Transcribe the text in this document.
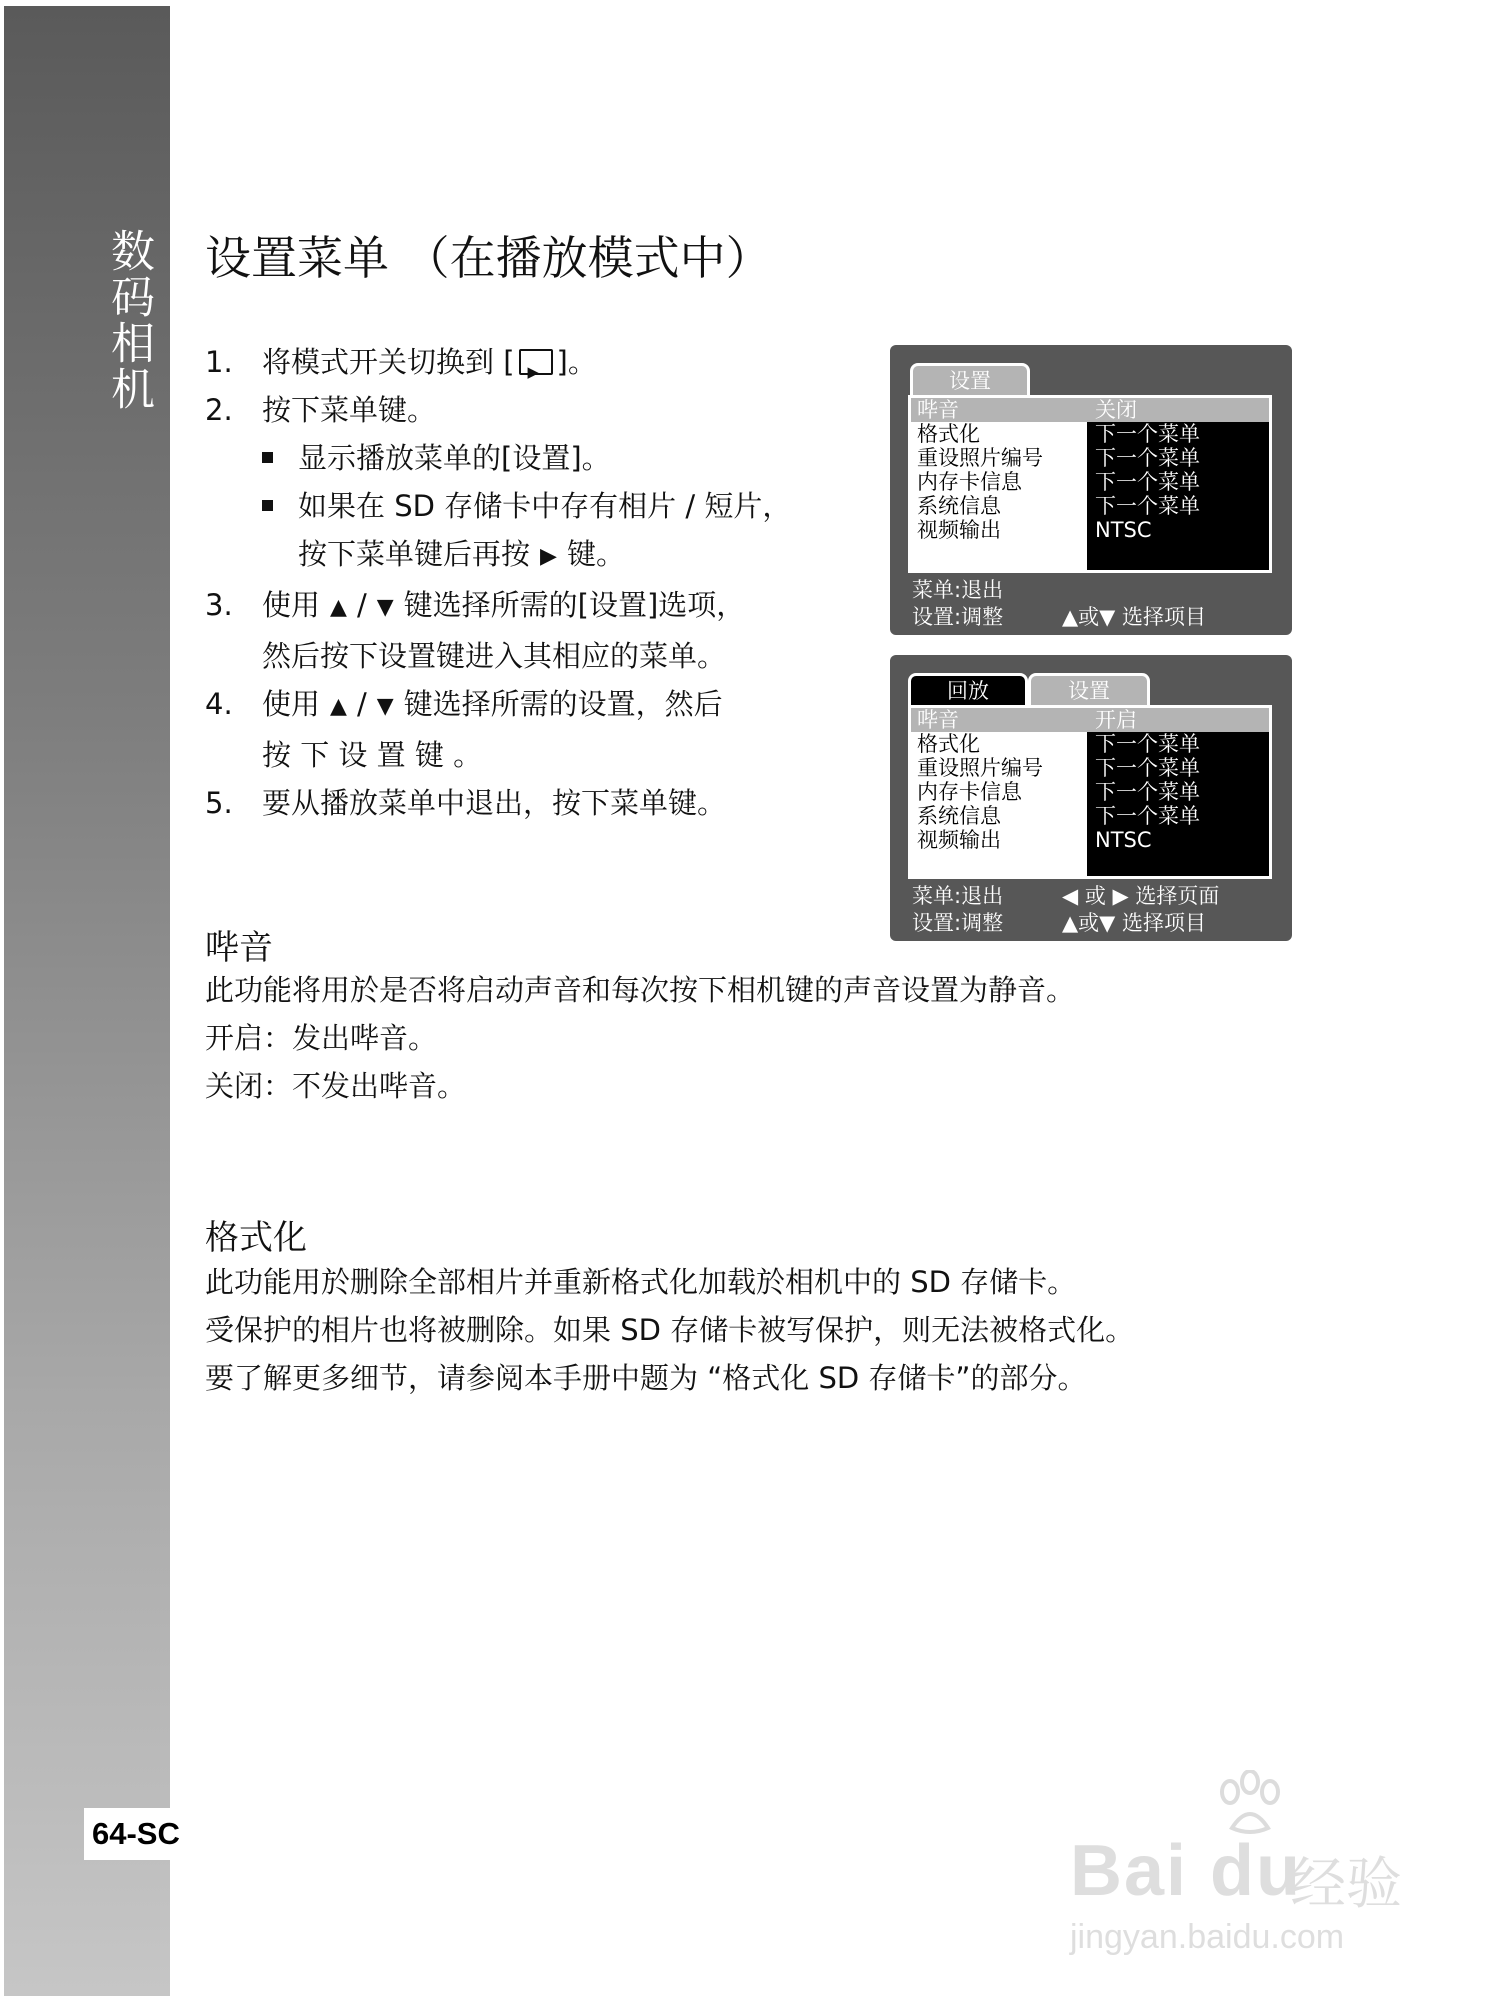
数码相机
64-SC
设置菜单 （在播放模式中）
1. 将模式开关切换到 [▶ ]。
2. 按下菜单键。
显示播放菜单的[设置]。
如果在 SD 存储卡中存有相片 / 短片，
按下菜单键后再按 ▶ 键。
3. 使用 ▲ / ▼ 键选择所需的[设置]选项，
然后按下设置键进入其相应的菜单。
4. 使用 ▲ / ▼ 键选择所需的设置，然后
按 下 设 置 键 。
5. 要从播放菜单中退出，按下菜单键。
设置
哔音	关闭
格式化	下一个菜单
重设照片编号 下一个菜单
内存卡信息	下一个菜单
系统信息	下一个菜单
视频输出	NTSC
菜单:退出
设置:调整	▲或▼ 选择项目
回放	设置
哔音	开启
格式化	下一个菜单
重设照片编号 下一个菜单
内存卡信息	下一个菜单
系统信息	下一个菜单
视频输出	NTSC
菜单:退出	◀ 或 ▶ 选择页面
设置:调整	▲或▼ 选择项目
哔音
此功能将用於是否将启动声音和每次按下相机键的声音设置为静音。
开启：发出哔音。
关闭：不发出哔音。
格式化
此功能用於删除全部相片并重新格式化加载於相机中的 SD 存储卡。
受保护的相片也将被删除。如果 SD 存储卡被写保护，则无法被格式化。
要了解更多细节，请参阅本手册中题为 “格式化 SD 存储卡”的部分。
Bai du
经验
jingyan.baidu.com
